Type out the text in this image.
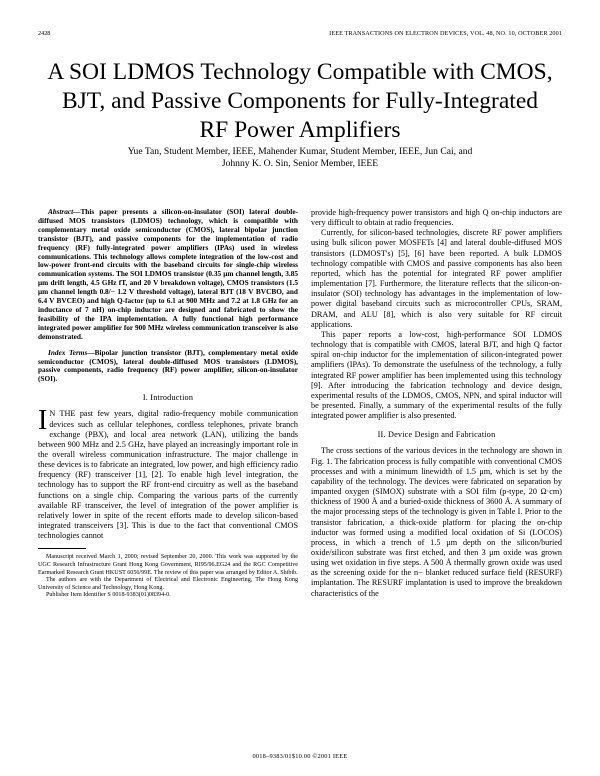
2428	IEEE TRANSACTIONS ON ELECTRON DEVICES, VOL. 48, NO. 10, OCTOBER 2001
A SOI LDMOS Technology Compatible with CMOS,
BJT, and Passive Components for Fully-Integrated
RF Power Amplifiers
Yue Tan, Student Member, IEEE, Mahender Kumar, Student Member, IEEE, Jun Cai, and
Johnny K. O. Sin, Senior Member, IEEE
Abstract—This paper presents a silicon-on-insulator (SOI) lateral double-diffused MOS transistors (LDMOS) technology, which is compatible with complementary metal oxide semiconductor (CMOS), lateral bipolar junction transistor (BJT), and passive components for the implementation of radio frequency (RF) fully-integrated power amplifiers (IPAs) used in wireless communications. This technology allows complete integration of the low-cost and low-power front-end circuits with the baseband circuits for single-chip wireless communication systems. The SOI LDMOS transistor (0.35 μm channel length, 3.85 μm drift length, 4.5 GHz fT, and 20 V breakdown voltage), CMOS transistors (1.5 μm channel length 0.8/− 1.2 V threshold voltage), lateral BJT (18 V BVCBO, and 6.4 V BVCEO) and high Q-factor (up to 6.1 at 900 MHz and 7.2 at 1.8 GHz for an inductance of 7 nH) on-chip inductor are designed and fabricated to show the feasibility of the IPA implementation. A fully functional high performance integrated power amplifier for 900 MHz wireless communication transceiver is also demonstrated.
Index Terms—Bipolar junction transistor (BJT), complementary metal oxide semiconductor (CMOS), lateral double-diffused MOS transistors (LDMOS), passive components, radio frequency (RF) power amplifier, silicon-on-insulator (SOI).
I. Introduction

I N THE past few years, digital radio-frequency mobile communication devices such as cellular telephones, cordless telephones, private branch exchange (PBX), and local area network (LAN), utilizing the bands between 900 MHz and 2.5 GHz, have played an increasingly important role in the overall wireless communication infrastructure. The major challenge in these devices is to fabricate an integrated, low power, and high efficiency radio frequency (RF) transceiver [1], [2]. To enable high level integration, the technology has to support the RF front-end circuitry as well as the baseband functions on a single chip. Comparing the various parts of the currently available RF transceiver, the level of integration of the power amplifier is relatively lower in spite of the recent efforts made to develop silicon-based integrated transceivers [3]. This is due to the fact that conventional CMOS technologies cannot

Manuscript received March 1, 2000; revised September 20, 2000. This work was supported by the UGC Research Infrastructure Grant Hong Kong Government, RI95/96.EG24 and the RGC Competitive Earmarked Research Grant HKUST 6056/99E. The review of this paper was arranged by Editor A. Shibib.
The authors are with the Department of Electrical and Electronic Engineering, The Hong Kong University of Science and Technology, Hong Kong.
Publisher Item Identifier S 0018-9383(01)08394-0.

provide high-frequency power transistors and high Q on-chip inductors are very difficult to obtain at radio frequencies.

Currently, for silicon-based technologies, discrete RF power amplifiers using bulk silicon power MOSFETs [4] and lateral double-diffused MOS transistors (LDMOST's) [5], [6] have been reported. A bulk LDMOS technology compatible with CMOS and passive components has also been reported, which has the potential for integrated RF power amplifier implementation [7]. Furthermore, the literature reflects that the silicon-on-insulator (SOI) technology has advantages in the implementation of low-power digital baseband circuits such as microcontroller CPUs, SRAM, DRAM, and ALU [8], which is also very suitable for RF circuit applications.

This paper reports a low-cost, high-performance SOI LDMOS technology that is compatible with CMOS, lateral BJT, and high Q factor spiral on-chip inductor for the implementation of silicon-integrated power amplifiers (IPAs). To demonstrate the usefulness of the technology, a fully integrated RF power amplifier has been implemented using this technology [9]. After introducing the fabrication technology and device design, experimental results of the LDMOS, CMOS, NPN, and spiral inductor will be presented. Finally, a summary of the experimental results of the fully integrated power amplifier is also presented.

II. Device Design and Fabrication

The cross sections of the various devices in the technology are shown in Fig. 1. The fabrication process is fully compatible with conventional CMOS processes and with a minimum linewidth of 1.5 μm, which is set by the capability of the technology. The devices were fabricated on separation by impanted oxygen (SIMOX) substrate with a SOI film (p-type, 20 Ω·cm) thickness of 1900 Å and a buried-oxide thickness of 3600 Å. A summary of the major processing steps of the technology is given in Table I. Prior to the transistor fabrication, a thick-oxide platform for placing the on-chip inductor was formed using a modified local oxidation of Si (LOCOS) process, in which a trench of 1.5 μm depth on the silicon/buried oxide/silicon substrate was first etched, and then 3 μm oxide was grown using wet oxidation in five steps. A 500 Å thermally grown oxide was used as the screening oxide for the n− blanket reduced surface field (RESURF) implantation. The RESURF implantation is used to improve the breakdown characteristics of the

0018–9383/01$10.00 ©2001 IEEE
